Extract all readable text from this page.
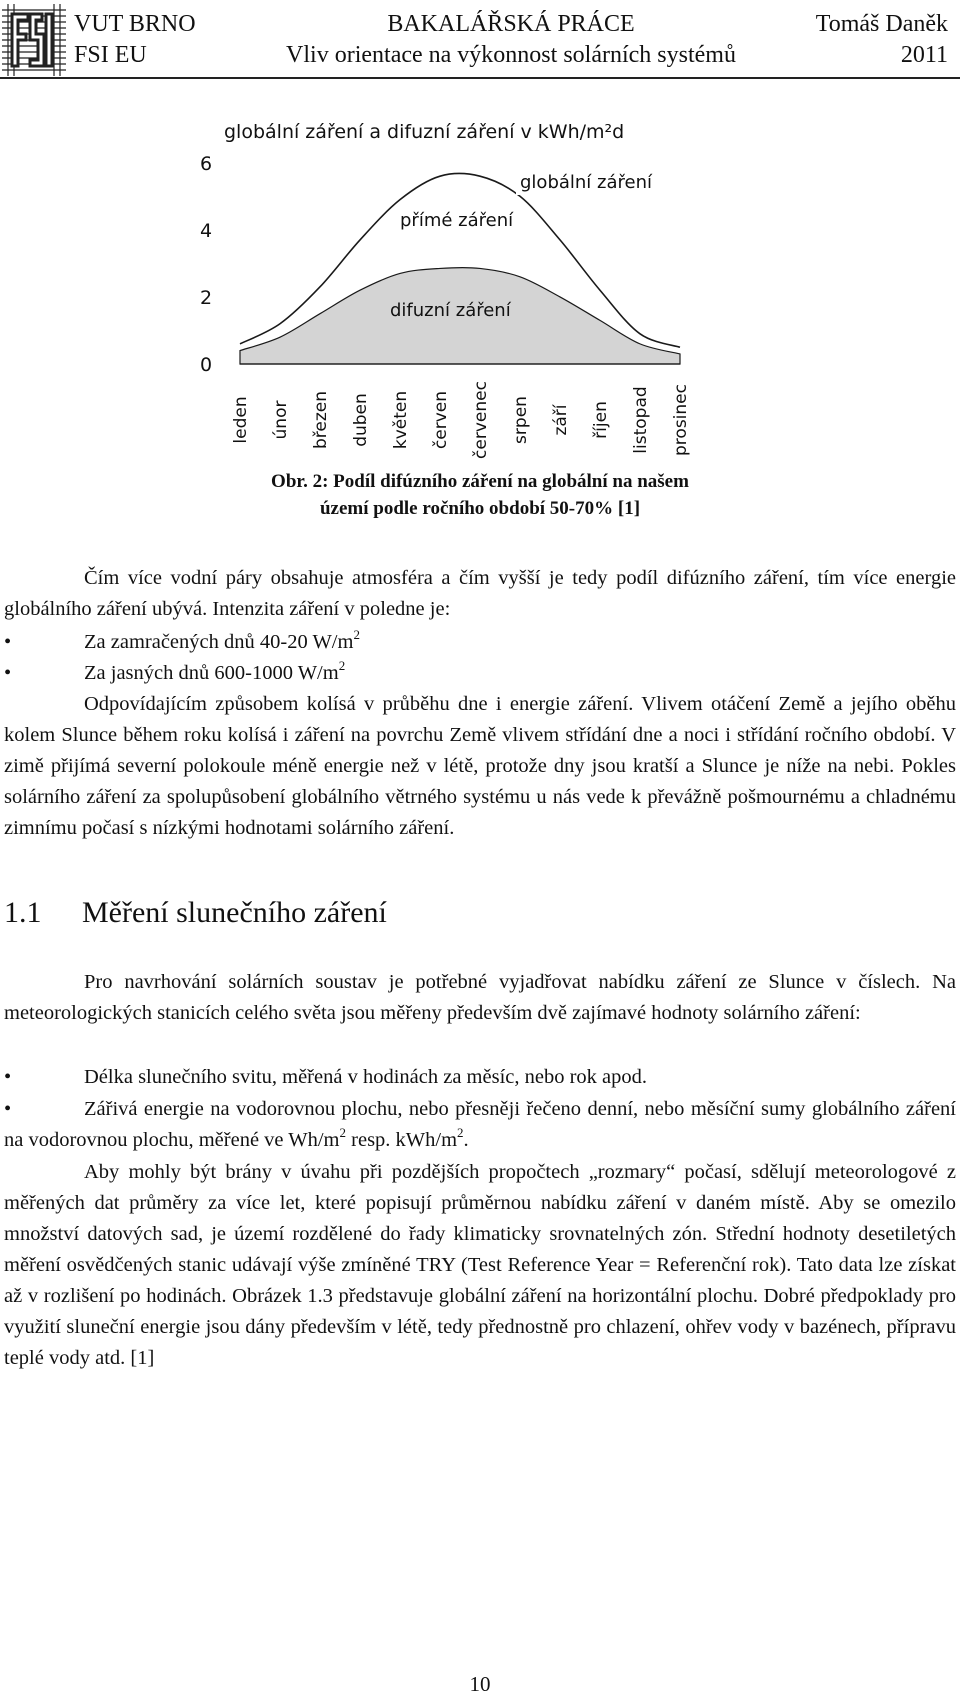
VUT BRNO	BAKALÁŘSKÁ PRÁCE	Tomáš Daněk
FSI EU	Vliv orientace na výkonnost solárních systémů	2011
globální záření a difuzní záření v kWh/m²d
0
2
4
6
globální záření
přímé záření
difuzní záření
leden únor březen duben květen červen červenec srpen září říjen listopad prosinec
Obr. 2: Podíl difúzního záření na globální na našem
území podle ročního období 50-70% [1]

Čím více vodní páry obsahuje atmosféra a čím vyšší je tedy podíl difúzního záření, tím více energie globálního záření ubývá. Intenzita záření v poledne je:

•	Za zamračených dnů 40-20 $W/m^2$
•	Za jasných dnů 600-1000 $W/m^2$

Odpovídajícím způsobem kolísá v průběhu dne i energie záření. Vlivem otáčení Země a jejího oběhu kolem Slunce během roku kolísá i záření na povrchu Země vlivem střídání dne a noci i střídání ročního období. V zimě přijímá severní polokoule méně energie než v létě, protože dny jsou kratší a Slunce je níže na nebi. Pokles solárního záření za spolupůsobení globálního větrného systému u nás vede k převážně pošmournému a chladnému zimnímu počasí s nízkými hodnotami solárního záření.

1.1 Měření slunečního záření

Pro navrhování solárních soustav je potřebné vyjadřovat nabídku záření ze Slunce v číslech. Na meteorologických stanicích celého světa jsou měřeny především dvě zajímavé hodnoty solárního záření:

•	Délka slunečního svitu, měřená v hodinách za měsíc, nebo rok apod.
•	Zářivá energie na vodorovnou plochu, nebo přesněji řečeno denní, nebo měsíční sumy globálního záření na vodorovnou plochu, měřené ve $Wh/m^2$ resp. kWh/$m^2$.

Aby mohly být brány v úvahu při pozdějších propočtech „rozmary“ počasí, sdělují meteorologové z měřených dat průměry za více let, které popisují průměrnou nabídku záření v daném místě. Aby se omezilo množství datových sad, je území rozdělené do řady klimaticky srovnatelných zón. Střední hodnoty desetiletých měření osvědčených stanic udávají výše zmíněné TRY (Test Reference Year = Referenční rok). Tato data lze získat až v rozlišení po hodinách. Obrázek 1.3 představuje globální záření na horizontální plochu. Dobré předpoklady pro využití sluneční energie jsou dány především v létě, tedy přednostně pro chlazení, ohřev vody v bazénech, přípravu teplé vody atd. [1]

10
